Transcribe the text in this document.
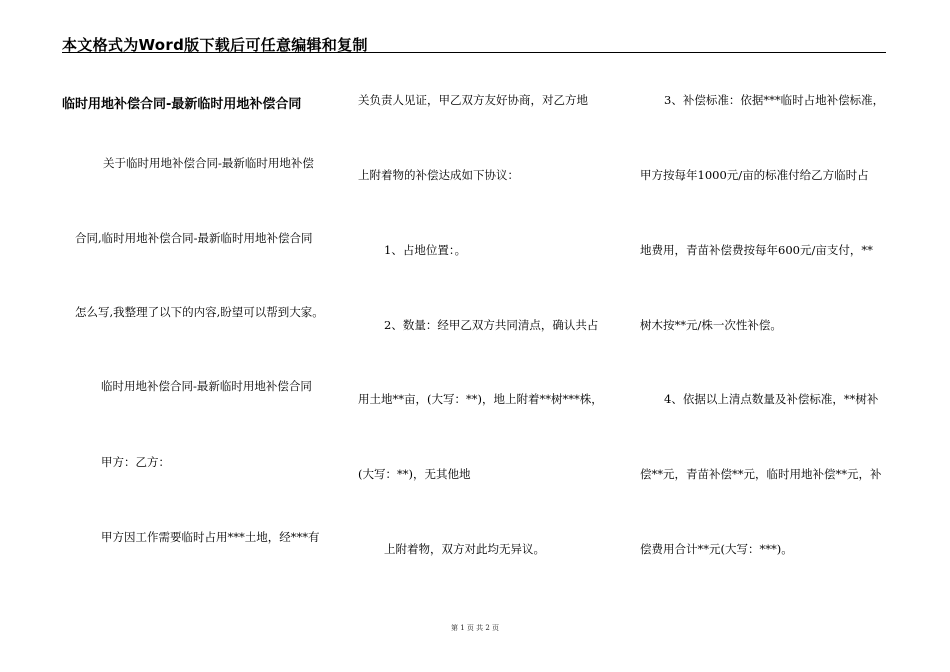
本文格式为Word版下载后可任意编辑和复制
临时用地补偿合同-最新临时用地补偿合同
关于临时用地补偿合同-最新临时用地补偿
合同,临时用地补偿合同-最新临时用地补偿合同
怎么写,我整理了以下的内容,盼望可以帮到大家。
临时用地补偿合同-最新临时用地补偿合同
甲方：乙方：
甲方因工作需要临时占用***土地，经***有
关负责人见证，甲乙双方友好协商，对乙方地
上附着物的补偿达成如下协议：
1、占地位置：。
2、数量：经甲乙双方共同清点，确认共占
用土地**亩，(大写：**)，地上附着**树***株，
(大写：**)，无其他地
上附着物，双方对此均无异议。
3、补偿标准：依据***临时占地补偿标准，
甲方按每年1000元/亩的标准付给乙方临时占
地费用，青苗补偿费按每年600元/亩支付，**
树木按**元/株一次性补偿。
4、依据以上清点数量及补偿标准，**树补
偿**元，青苗补偿**元，临时用地补偿**元，补
偿费用合计**元(大写：***)。
第 1 页 共 2 页
